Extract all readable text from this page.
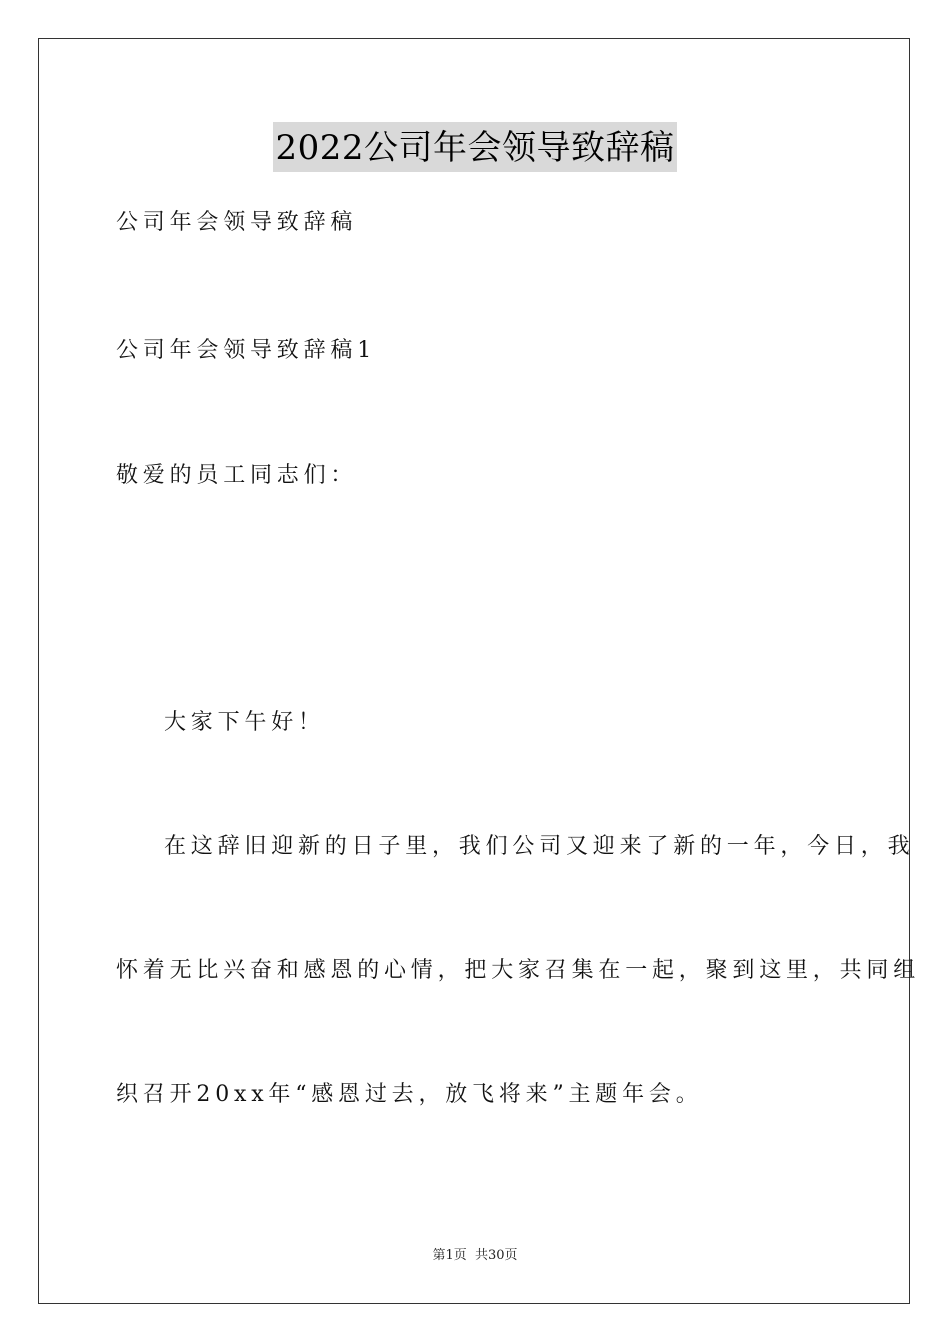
2022公司年会领导致辞稿
公司年会领导致辞稿
公司年会领导致辞稿1
敬爱的员工同志们：
大家下午好！
在这辞旧迎新的日子里，我们公司又迎来了新的一年，今日，我
怀着无比兴奋和感恩的心情，把大家召集在一起，聚到这里，共同组
织召开20xx年“感恩过去，放飞将来”主题年会。
第1页  共30页
